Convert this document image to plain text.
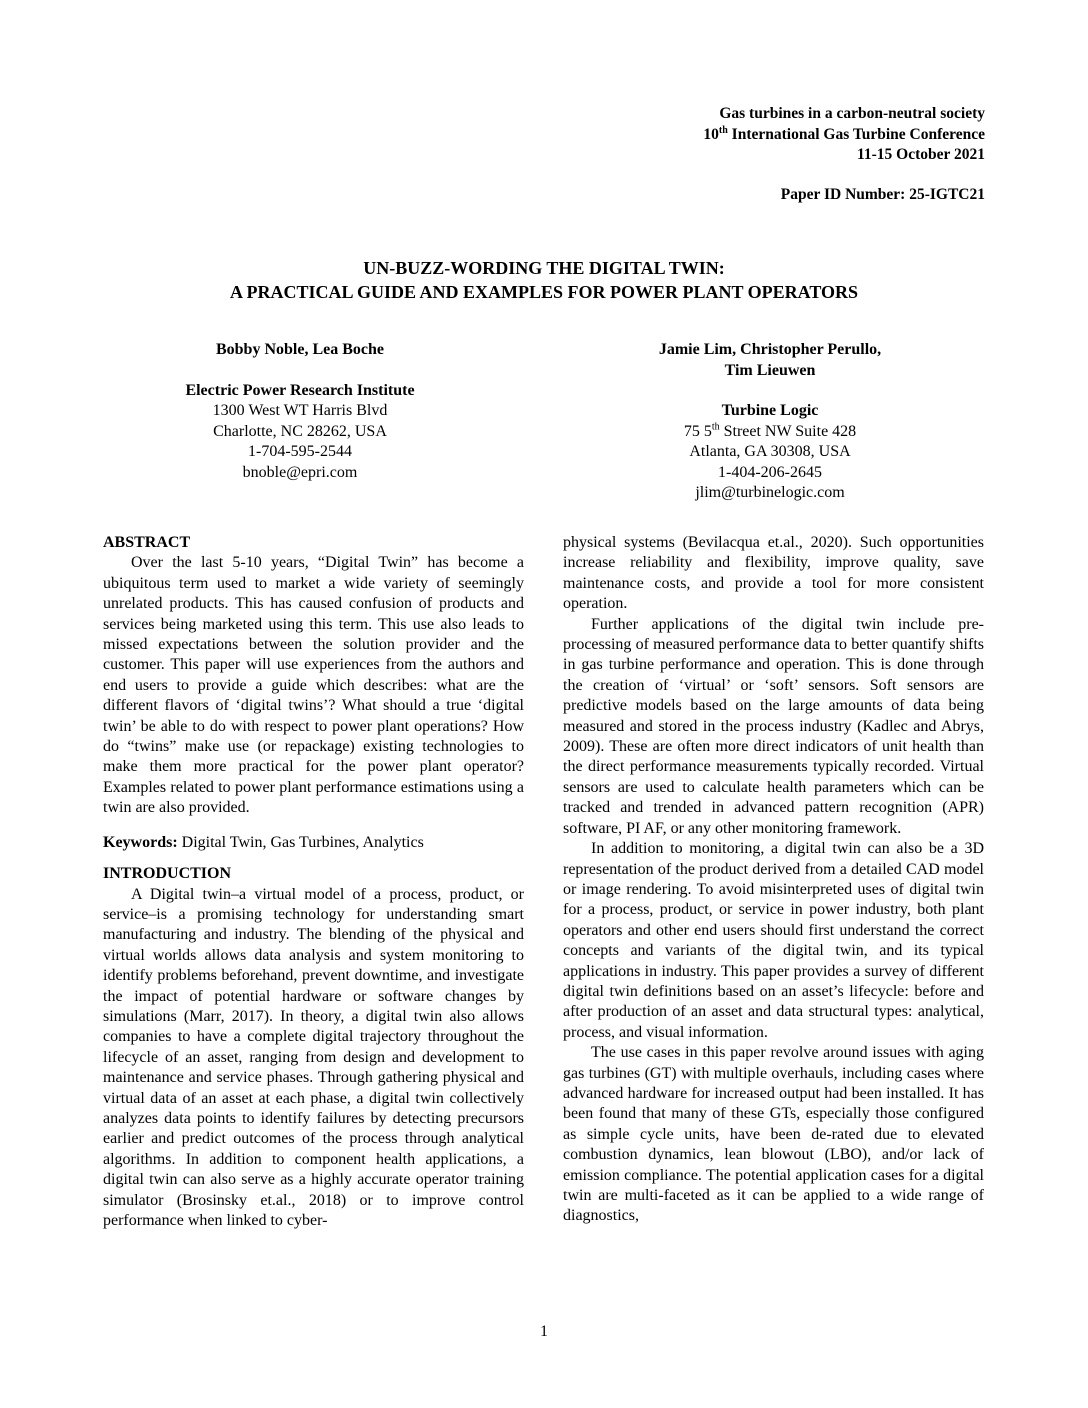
Gas turbines in a carbon-neutral society
10th International Gas Turbine Conference
11-15 October 2021
Paper ID Number: 25-IGTC21
UN-BUZZ-WORDING THE DIGITAL TWIN:
A PRACTICAL GUIDE AND EXAMPLES FOR POWER PLANT OPERATORS
Bobby Noble, Lea Boche
Electric Power Research Institute
1300 West WT Harris Blvd
Charlotte, NC 28262, USA
1-704-595-2544
bnoble@epri.com
Jamie Lim, Christopher Perullo,
Tim Lieuwen
Turbine Logic
75 5th Street NW Suite 428
Atlanta, GA 30308, USA
1-404-206-2645
jlim@turbinelogic.com
ABSTRACT

Over the last 5-10 years, “Digital Twin” has become a ubiquitous term used to market a wide variety of seemingly unrelated products. This has caused confusion of products and services being marketed using this term. This use also leads to missed expectations between the solution provider and the customer. This paper will use experiences from the authors and end users to provide a guide which describes: what are the different flavors of ‘digital twins’? What should a true ‘digital twin’ be able to do with respect to power plant operations? How do “twins” make use (or repackage) existing technologies to make them more practical for the power plant operator? Examples related to power plant performance estimations using a twin are also provided.

Keywords: Digital Twin, Gas Turbines, Analytics
INTRODUCTION

A Digital twin–a virtual model of a process, product, or service–is a promising technology for understanding smart manufacturing and industry. The blending of the physical and virtual worlds allows data analysis and system monitoring to identify problems beforehand, prevent downtime, and investigate the impact of potential hardware or software changes by simulations (Marr, 2017). In theory, a digital twin also allows companies to have a complete digital trajectory throughout the lifecycle of an asset, ranging from design and development to maintenance and service phases. Through gathering physical and virtual data of an asset at each phase, a digital twin collectively analyzes data points to identify failures by detecting precursors earlier and predict outcomes of the process through analytical algorithms. In addition to component health applications, a digital twin can also serve as a highly accurate operator training simulator (Brosinsky et.al., 2018) or to improve control performance when linked to cyber-

physical systems (Bevilacqua et.al., 2020). Such opportunities increase reliability and flexibility, improve quality, save maintenance costs, and provide a tool for more consistent operation.

Further applications of the digital twin include pre-processing of measured performance data to better quantify shifts in gas turbine performance and operation. This is done through the creation of ‘virtual’ or ‘soft’ sensors. Soft sensors are predictive models based on the large amounts of data being measured and stored in the process industry (Kadlec and Abrys, 2009). These are often more direct indicators of unit health than the direct performance measurements typically recorded. Virtual sensors are used to calculate health parameters which can be tracked and trended in advanced pattern recognition (APR) software, PI AF, or any other monitoring framework.

In addition to monitoring, a digital twin can also be a 3D representation of the product derived from a detailed CAD model or image rendering. To avoid misinterpreted uses of digital twin for a process, product, or service in power industry, both plant operators and other end users should first understand the correct concepts and variants of the digital twin, and its typical applications in industry. This paper provides a survey of different digital twin definitions based on an asset’s lifecycle: before and after production of an asset and data structural types: analytical, process, and visual information.

The use cases in this paper revolve around issues with aging gas turbines (GT) with multiple overhauls, including cases where advanced hardware for increased output had been installed. It has been found that many of these GTs, especially those configured as simple cycle units, have been de-rated due to elevated combustion dynamics, lean blowout (LBO), and/or lack of emission compliance. The potential application cases for a digital twin are multi-faceted as it can be applied to a wide range of diagnostics,

1
